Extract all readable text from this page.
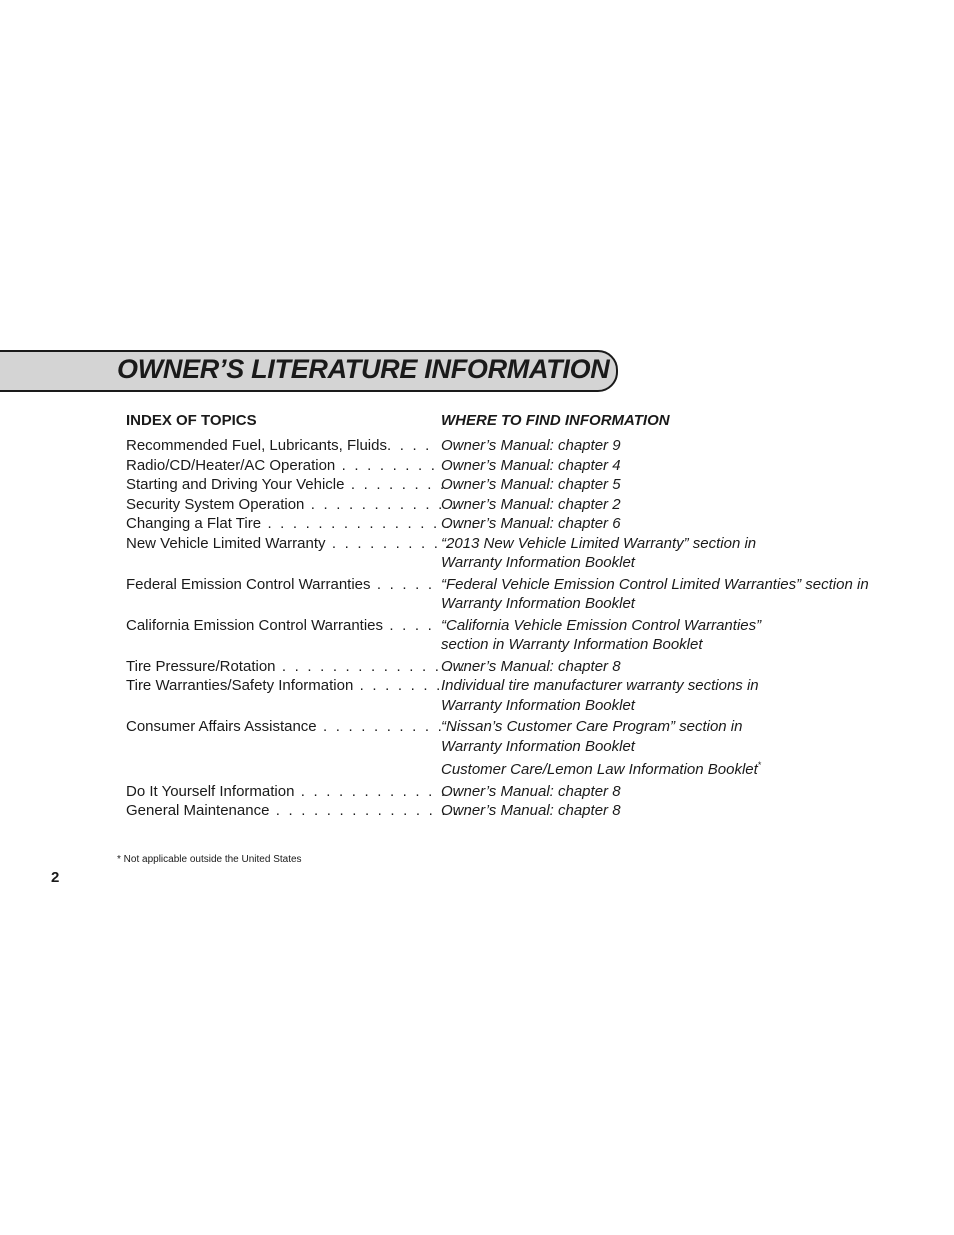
OWNER’S LITERATURE INFORMATION
INDEX OF TOPICS	WHERE TO FIND INFORMATION
Recommended Fuel, Lubricants, Fluids. . . . Owner’s Manual: chapter 9
Radio/CD/Heater/AC Operation . . . . . . . . Owner’s Manual: chapter 4
Starting and Driving Your Vehicle . . . . . . . .
Owner’s Manual: chapter 5
Security System Operation . . . . . . . . . . . .
Owner’s Manual: chapter 2
Changing a Flat Tire . . . . . . . . . . . . . . . . .
Owner’s Manual: chapter 6
New Vehicle Limited Warranty . . . . . . . . . .
“2013 New Vehicle Limited Warranty” section in
Warranty Information Booklet
Federal Emission Control Warranties . . . . . “Federal Vehicle Emission Control Limited Warranties” section in
Warranty Information Booklet
California Emission Control Warranties . . . . “California Vehicle Emission Control Warranties”
section in Warranty Information Booklet
Tire Pressure/Rotation . . . . . . . . . . . . . . . .
Owner’s Manual: chapter 8
Tire Warranties/Safety Information . . . . . . .
Individual tire manufacturer warranty sections in
Warranty Information Booklet
Consumer Affairs Assistance . . . . . . . . . . .
“Nissan’s Customer Care Program” section in
Warranty Information Booklet
Customer Care/Lemon Law Information Booklet*
Do It Yourself Information . . . . . . . . . . . . .
Owner’s Manual: chapter 8
General Maintenance . . . . . . . . . . . . . . . .
Owner’s Manual: chapter 8
* Not applicable outside the United States
2
